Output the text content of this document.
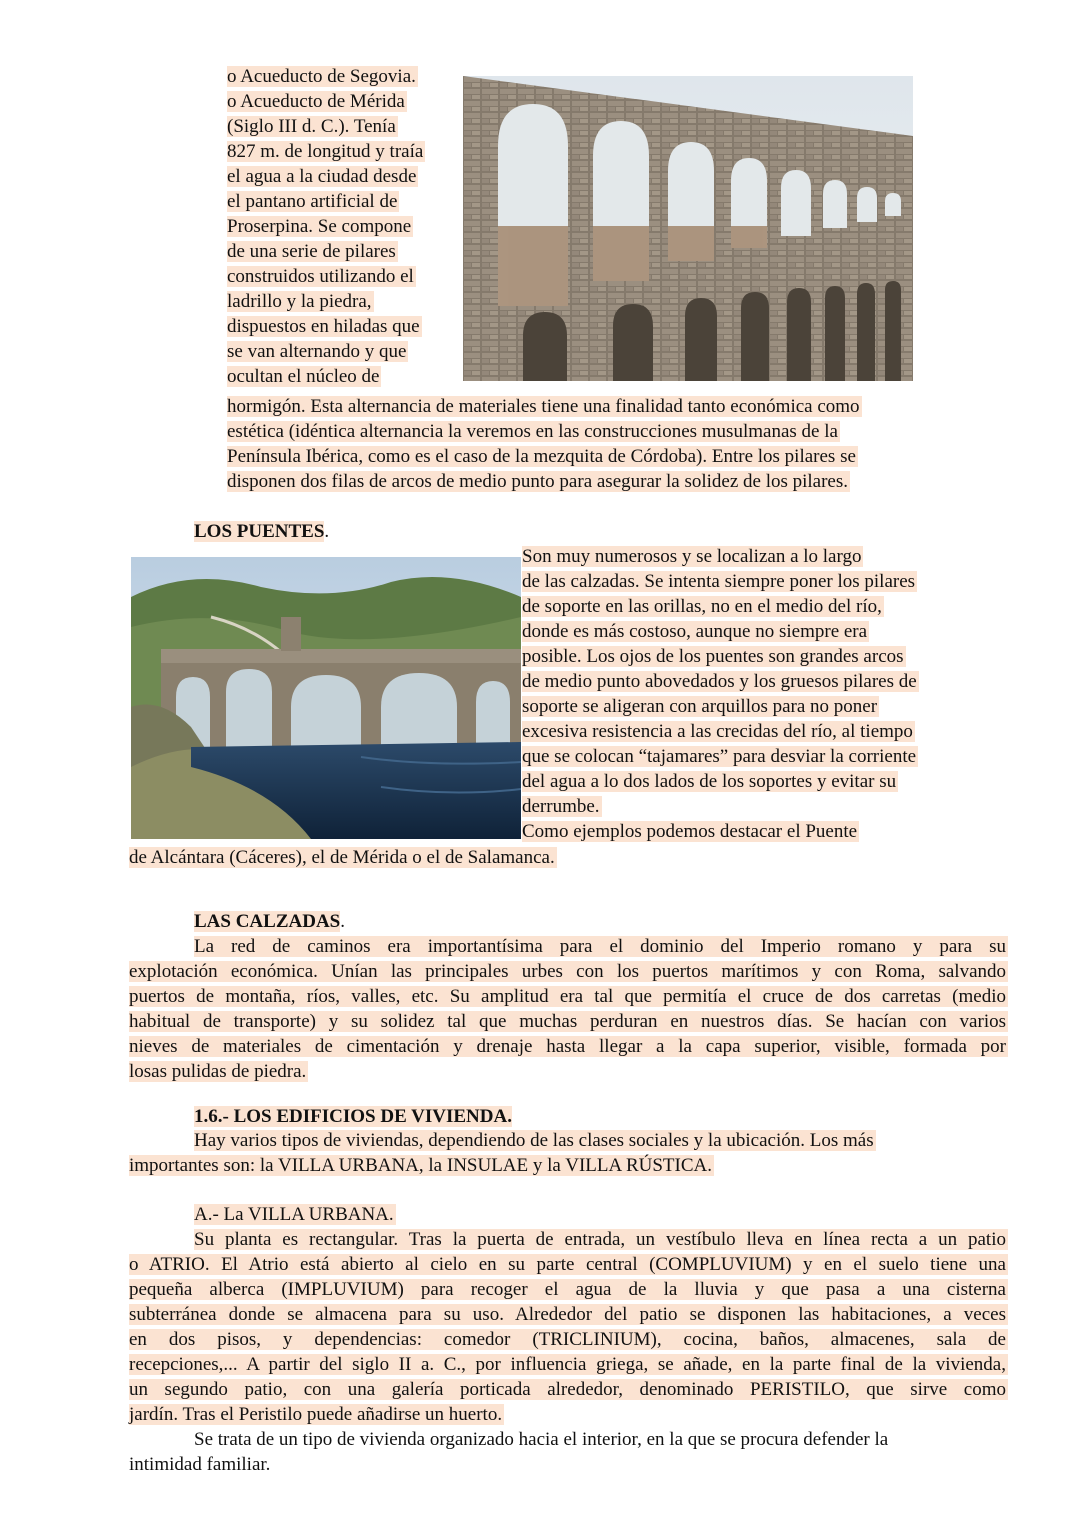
o Acueducto de Segovia.
o Acueducto de Mérida
(Siglo III d. C.). Tenía
827 m. de longitud y traía
el agua a la ciudad desde
el pantano artificial de
Proserpina. Se compone
de una serie de pilares
construidos utilizando el
ladrillo y la piedra,
dispuestos en hiladas que
se van alternando y que
ocultan el núcleo de
hormigón. Esta alternancia de materiales tiene una finalidad tanto económica como
estética (idéntica alternancia la veremos en las construcciones musulmanas de la
Península Ibérica, como es el caso de la mezquita de Córdoba). Entre los pilares se
disponen dos filas de arcos de medio punto para asegurar la solidez de los pilares.
LOS PUENTES.
Son muy numerosos y se localizan a lo largo
de las calzadas. Se intenta siempre poner los pilares
de soporte en las orillas, no en el medio del río,
donde es más costoso, aunque no siempre era
posible. Los ojos de los puentes son grandes arcos
de medio punto abovedados y los gruesos pilares de
soporte se aligeran con arquillos para no poner
excesiva resistencia a las crecidas del río, al tiempo
que se colocan “tajamares” para desviar la corriente
del agua a lo dos lados de los soportes y evitar su
derrumbe.
Como ejemplos podemos destacar el Puente
de Alcántara (Cáceres), el de Mérida o el de Salamanca.
LAS CALZADAS.
La red de caminos era importantísima para el dominio del Imperio romano y para su
explotación económica. Unían las principales urbes con los puertos marítimos y con Roma, salvando
puertos de montaña, ríos, valles, etc. Su amplitud era tal que permitía el cruce de dos carretas (medio
habitual de transporte) y su solidez tal que muchas perduran en nuestros días. Se hacían con varios
nieves de materiales de cimentación y drenaje hasta llegar a la capa superior, visible, formada por
losas pulidas de piedra.
1.6.- LOS EDIFICIOS DE VIVIENDA.
Hay varios tipos de viviendas, dependiendo de las clases sociales y la ubicación. Los más
importantes son: la VILLA URBANA, la INSULAE y la VILLA RÚSTICA.
A.- La VILLA URBANA.
Su planta es rectangular. Tras la puerta de entrada, un vestíbulo lleva en línea recta a un patio
o ATRIO. El Atrio está abierto al cielo en su parte central (COMPLUVIUM) y en el suelo tiene una
pequeña alberca (IMPLUVIUM) para recoger el agua de la lluvia y que pasa a una cisterna
subterránea donde se almacena para su uso. Alrededor del patio se disponen las habitaciones, a veces
en dos pisos, y dependencias: comedor (TRICLINIUM), cocina, baños, almacenes, sala de
recepciones,... A partir del siglo II a. C., por influencia griega, se añade, en la parte final de la vivienda,
un segundo patio, con una galería porticada alrededor, denominado PERISTILO, que sirve como
jardín. Tras el Peristilo puede añadirse un huerto.
Se trata de un tipo de vivienda organizado hacia el interior, en la que se procura defender la
intimidad familiar.
